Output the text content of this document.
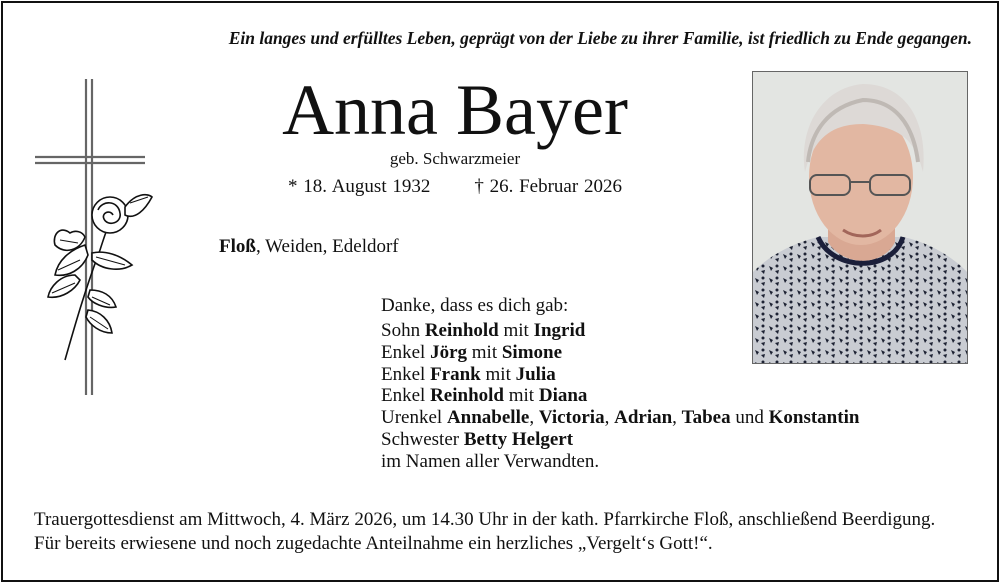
Ein langes und erfülltes Leben, geprägt von der Liebe zu ihrer Familie, ist friedlich zu Ende gegangen.
Anna Bayer
geb. Schwarzmeier
* 18. August 1932 † 26. Februar 2026
Floß, Weiden, Edeldorf
Danke, dass es dich gab:
Sohn Reinhold mit Ingrid
Enkel Jörg mit Simone
Enkel Frank mit Julia
Enkel Reinhold mit Diana
Urenkel Annabelle, Victoria, Adrian, Tabea und Konstantin
Schwester Betty Helgert
im Namen aller Verwandten.
Trauergottesdienst am Mittwoch, 4. März 2026, um 14.30 Uhr in der kath. Pfarrkirche Floß, anschließend Beerdigung.
Für bereits erwiesene und noch zugedachte Anteilnahme ein herzliches „Vergelt‘s Gott!“.
